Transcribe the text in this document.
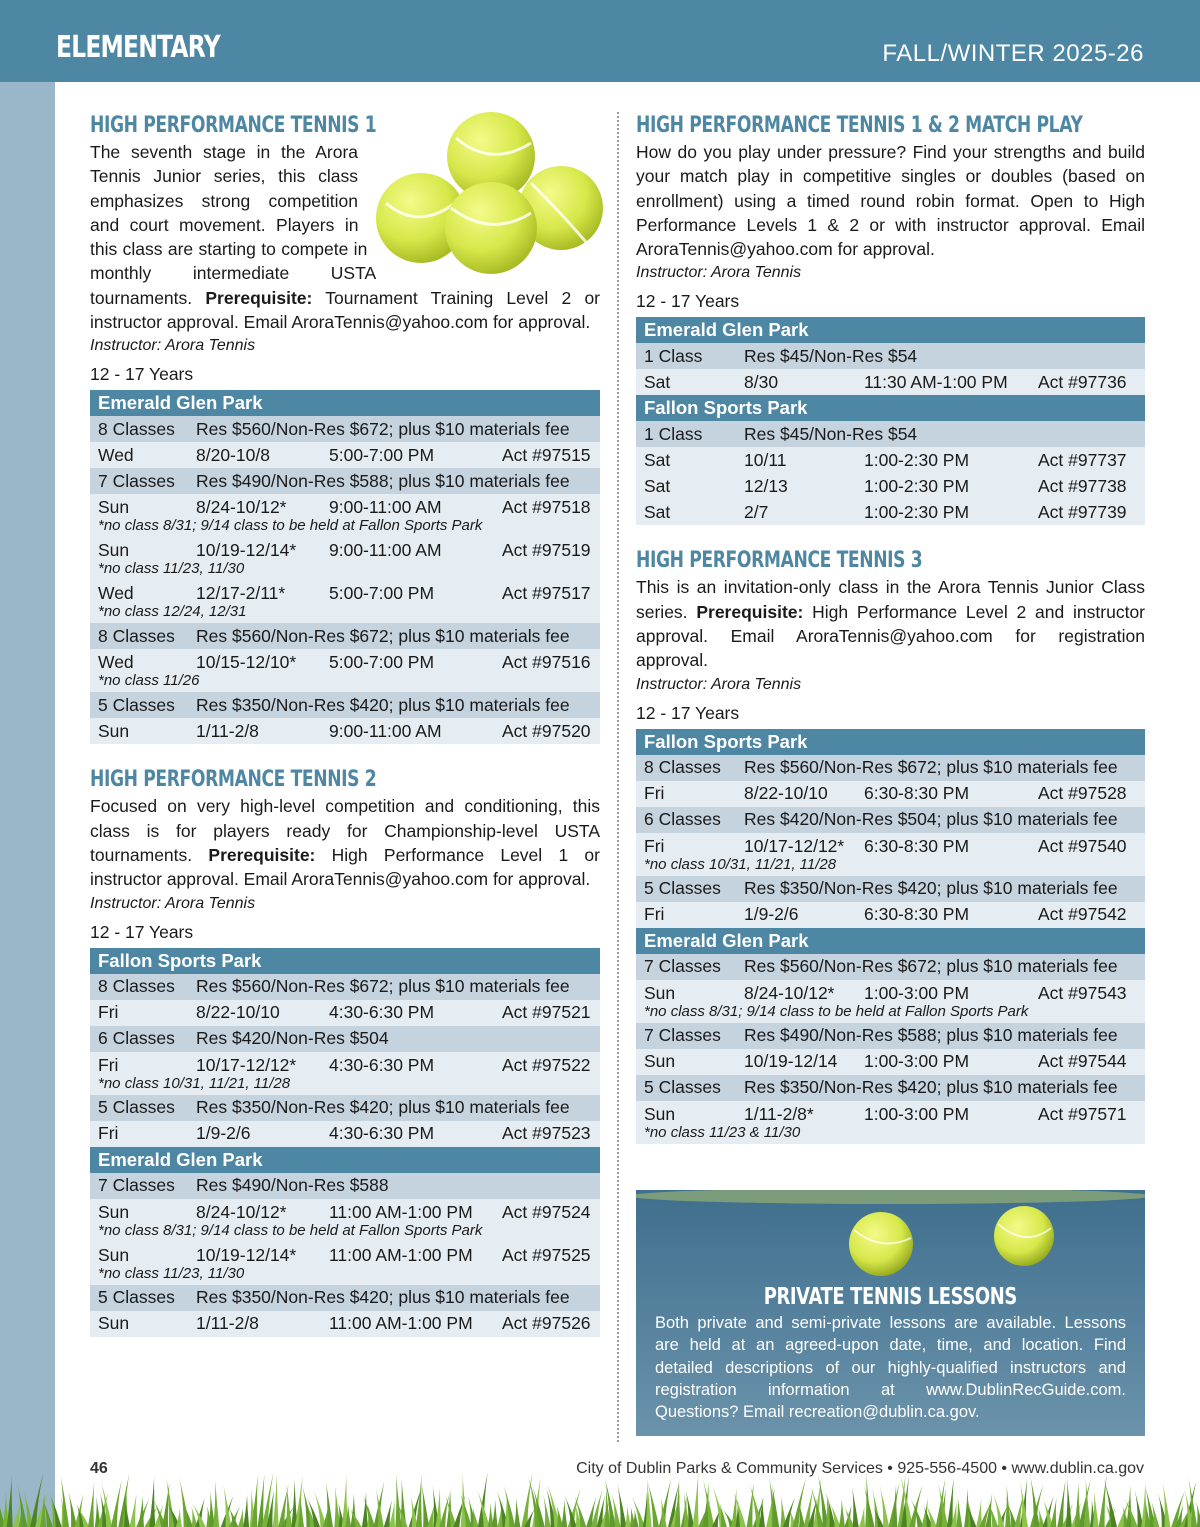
ELEMENTARY	FALL/WINTER 2025-26
HIGH PERFORMANCE TENNIS 1

The seventh stage in the Arora Tennis Junior series, this class emphasizes strong competition and court movement. Players in this class are starting to compete in monthly intermediate USTA tournaments. Prerequisite: Tournament Training Level 2 or instructor approval. Email AroraTennis@yahoo.com for approval.

Instructor: Arora Tennis
12 - 17 Years
Emerald Glen Park			
8 Classes	Res $560/Non-Res $672; plus $10 materials fee		
Wed	8/20-10/8	5:00-7:00 PM	Act #97515
7 Classes	Res $490/Non-Res $588; plus $10 materials fee		
Sun	8/24-10/12*	9:00-11:00 AM	Act #97518
*no class 8/31; 9/14 class to be held at Fallon Sports Park			
Sun	10/19-12/14*	9:00-11:00 AM	Act #97519
*no class 11/23, 11/30			
Wed	12/17-2/11*	5:00-7:00 PM	Act #97517
*no class 12/24, 12/31			
8 Classes	Res $560/Non-Res $672; plus $10 materials fee		
Wed	10/15-12/10*	5:00-7:00 PM	Act #97516
*no class 11/26			
5 Classes	Res $350/Non-Res $420; plus $10 materials fee		
Sun	1/11-2/8	9:00-11:00 AM	Act #97520
HIGH PERFORMANCE TENNIS 2

Focused on very high-level competition and conditioning, this class is for players ready for Championship-level USTA tournaments. Prerequisite: High Performance Level 1 or instructor approval. Email AroraTennis@yahoo.com for approval.

Instructor: Arora Tennis
12 - 17 Years
Fallon Sports Park			
8 Classes	Res $560/Non-Res $672; plus $10 materials fee		
Fri	8/22-10/10	4:30-6:30 PM	Act #97521
6 Classes	Res $420/Non-Res $504		
Fri	10/17-12/12*	4:30-6:30 PM	Act #97522
*no class 10/31, 11/21, 11/28			
5 Classes	Res $350/Non-Res $420; plus $10 materials fee		
Fri	1/9-2/6	4:30-6:30 PM	Act #97523
Emerald Glen Park			
7 Classes	Res $490/Non-Res $588		
Sun	8/24-10/12*	11:00 AM-1:00 PM	Act #97524
*no class 8/31; 9/14 class to be held at Fallon Sports Park			
Sun	10/19-12/14*	11:00 AM-1:00 PM	Act #97525
*no class 11/23, 11/30			
5 Classes	Res $350/Non-Res $420; plus $10 materials fee		
Sun	1/11-2/8	11:00 AM-1:00 PM	Act #97526
HIGH PERFORMANCE TENNIS 1 & 2 MATCH PLAY

How do you play under pressure? Find your strengths and build your match play in competitive singles or doubles (based on enrollment) using a timed round robin format. Open to High Performance Levels 1 & 2 or with instructor approval. Email AroraTennis@yahoo.com for approval.

Instructor: Arora Tennis
12 - 17 Years
Emerald Glen Park			
1 Class	Res $45/Non-Res $54		
Sat	8/30	11:30 AM-1:00 PM	Act #97736
Fallon Sports Park			
1 Class	Res $45/Non-Res $54		
Sat	10/11	1:00-2:30 PM	Act #97737
Sat	12/13	1:00-2:30 PM	Act #97738
Sat	2/7	1:00-2:30 PM	Act #97739
HIGH PERFORMANCE TENNIS 3

This is an invitation-only class in the Arora Tennis Junior Class series. Prerequisite: High Performance Level 2 and instructor approval. Email AroraTennis@yahoo.com for registration approval.

Instructor: Arora Tennis
12 - 17 Years
Fallon Sports Park			
8 Classes	Res $560/Non-Res $672; plus $10 materials fee		
Fri	8/22-10/10	6:30-8:30 PM	Act #97528
6 Classes	Res $420/Non-Res $504; plus $10 materials fee		
Fri	10/17-12/12*	6:30-8:30 PM	Act #97540
*no class 10/31, 11/21, 11/28			
5 Classes	Res $350/Non-Res $420; plus $10 materials fee		
Fri	1/9-2/6	6:30-8:30 PM	Act #97542
Emerald Glen Park			
7 Classes	Res $560/Non-Res $672; plus $10 materials fee		
Sun	8/24-10/12*	1:00-3:00 PM	Act #97543
*no class 8/31; 9/14 class to be held at Fallon Sports Park			
7 Classes	Res $490/Non-Res $588; plus $10 materials fee		
Sun	10/19-12/14	1:00-3:00 PM	Act #97544
5 Classes	Res $350/Non-Res $420; plus $10 materials fee		
Sun	1/11-2/8*	1:00-3:00 PM	Act #97571
*no class 11/23 & 11/30			
PRIVATE TENNIS LESSONS

Both private and semi-private lessons are available. Lessons are held at an agreed-upon date, time, and location. Find detailed descriptions of our highly-qualified instructors and registration information at www.DublinRecGuide.com. Questions? Email recreation@dublin.ca.gov.

46	City of Dublin Parks & Community Services • 925-556-4500 • www.dublin.ca.gov
